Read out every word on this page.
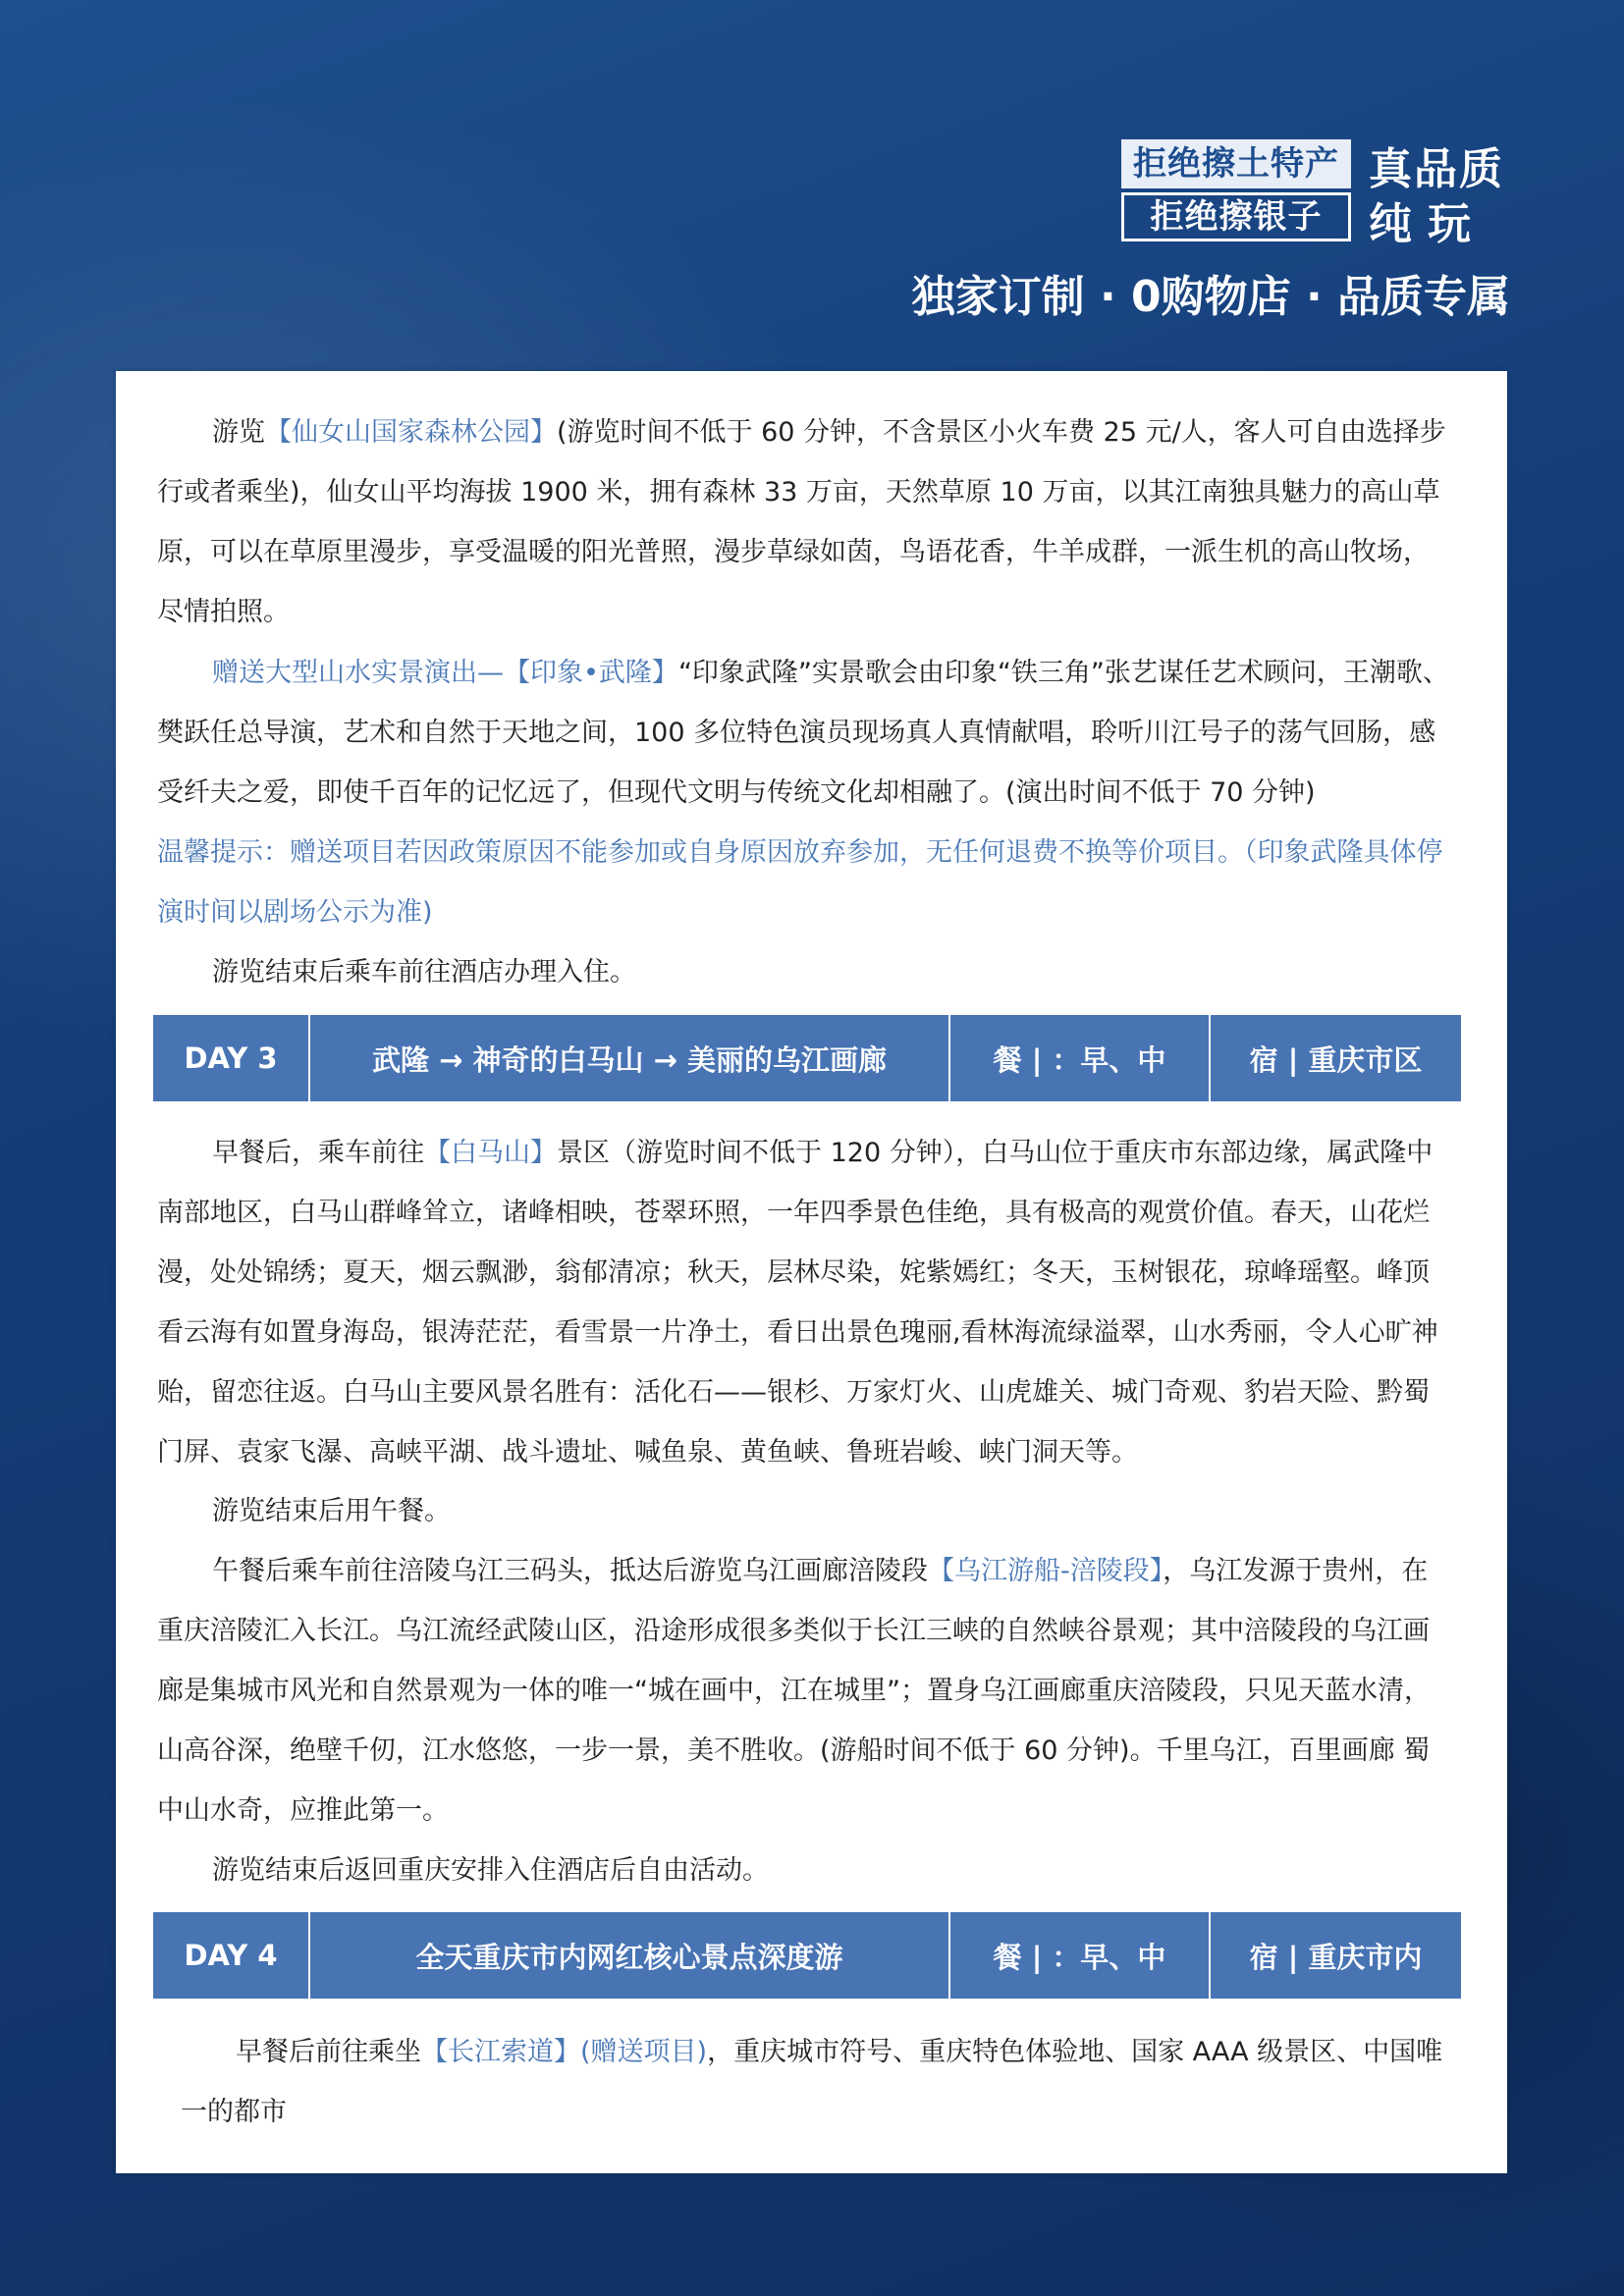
拒绝擦土特产
拒绝擦银子
真品质
纯玩
独家订制 · 0购物店 · 品质专属

游览【仙女山国家森林公园】(游览时间不低于 60 分钟，不含景区小火车费 25 元/人，客人可自由选择步行或者乘坐)，仙女山平均海拔 1900 米，拥有森林 33 万亩，天然草原 10 万亩，以其江南独具魅力的高山草原，可以在草原里漫步，享受温暖的阳光普照，漫步草绿如茵，鸟语花香，牛羊成群，一派生机的高山牧场，尽情拍照。

赠送大型山水实景演出—【印象•武隆】“印象武隆”实景歌会由印象“铁三角”张艺谋任艺术顾问，王潮歌、樊跃任总导演，艺术和自然于天地之间，100 多位特色演员现场真人真情献唱，聆听川江号子的荡气回肠，感受纤夫之爱，即使千百年的记忆远了，但现代文明与传统文化却相融了。(演出时间不低于 70 分钟)

温馨提示：赠送项目若因政策原因不能参加或自身原因放弃参加，无任何退费不换等价项目。（印象武隆具体停演时间以剧场公示为准)

游览结束后乘车前往酒店办理入住。

DAY 3	武隆 → 神奇的白马山 → 美丽的乌江画廊	餐 | ：早、中	宿 | 重庆市区

早餐后，乘车前往【白马山】景区（游览时间不低于 120 分钟），白马山位于重庆市东部边缘，属武隆中南部地区，白马山群峰耸立，诸峰相映，苍翠环照，一年四季景色佳绝，具有极高的观赏价值。春天，山花烂漫，处处锦绣；夏天，烟云飘渺，翁郁清凉；秋天，层林尽染，姹紫嫣红；冬天，玉树银花，琼峰瑶壑。峰顶看云海有如置身海岛，银涛茫茫，看雪景一片净土，看日出景色瑰丽,看林海流绿溢翠，山水秀丽，令人心旷神贻，留恋往返。白马山主要风景名胜有：活化石——银杉、万家灯火、山虎雄关、城门奇观、豹岩天险、黔蜀门屏、袁家飞瀑、高峡平湖、战斗遗址、喊鱼泉、黄鱼峡、鲁班岩峻、峡门洞天等。

游览结束后用午餐。

午餐后乘车前往涪陵乌江三码头，抵达后游览乌江画廊涪陵段【乌江游船-涪陵段】，乌江发源于贵州，在重庆涪陵汇入长江。乌江流经武陵山区，沿途形成很多类似于长江三峡的自然峡谷景观；其中涪陵段的乌江画廊是集城市风光和自然景观为一体的唯一“城在画中，江在城里”；置身乌江画廊重庆涪陵段，只见天蓝水清，山高谷深，绝壁千仞，江水悠悠，一步一景，美不胜收。(游船时间不低于 60 分钟)。千里乌江，百里画廊 蜀中山水奇，应推此第一。

游览结束后返回重庆安排入住酒店后自由活动。

DAY 4	全天重庆市内网红核心景点深度游	餐 | ：早、中	宿 | 重庆市内

早餐后前往乘坐【长江索道】(赠送项目)，重庆城市符号、重庆特色体验地、国家 AAA 级景区、中国唯一的都市
